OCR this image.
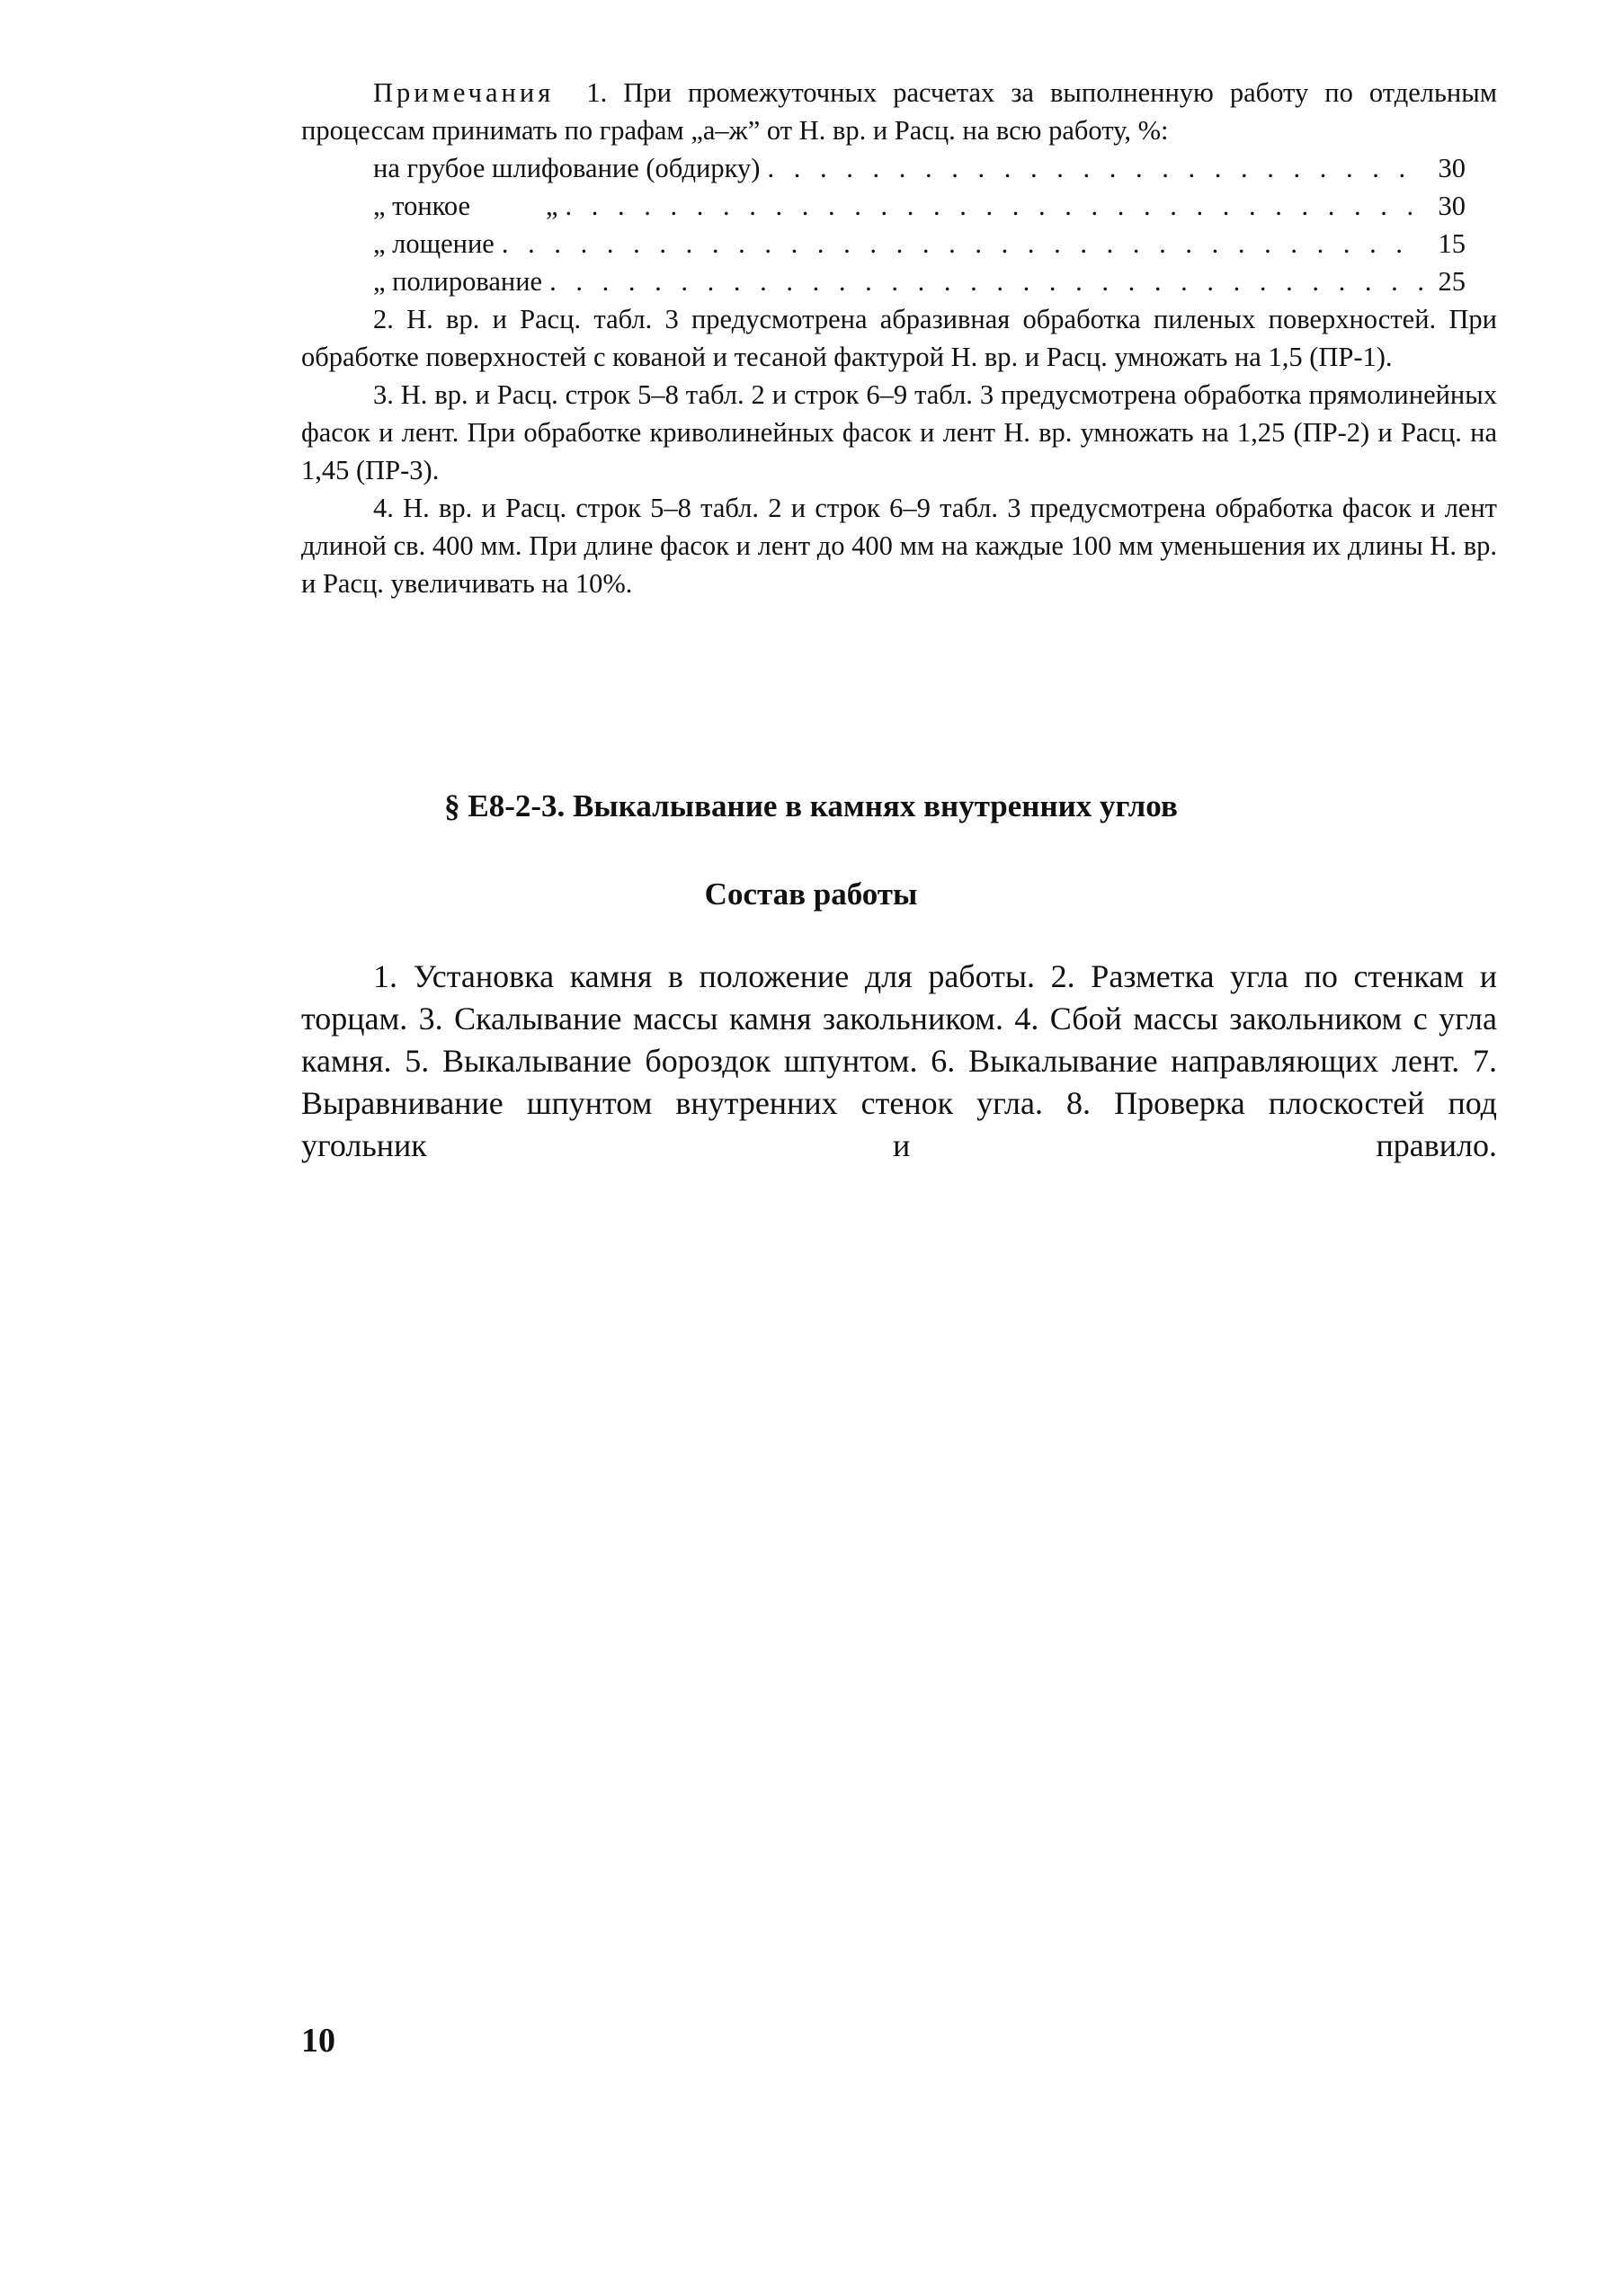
Примечания 1. При промежуточных расчетах за выполненную работу по отдельным процессам принимать по графам „а–ж” от Н. вр. и Расц. на всю работу, %:

на грубое шлифование (обдирку) . . .	30
„ тонкое           „ . . .	30
„ лощение . . .	15
„ полирование . . .	25

2. Н. вр. и Расц. табл. 3 предусмотрена абразивная обработка пиленых поверхностей. При обработке поверхностей с кованой и тесаной фактурой Н. вр. и Расц. умножать на 1,5 (ПР-1).

3. Н. вр. и Расц. строк 5–8 табл. 2 и строк 6–9 табл. 3 предусмотрена обработка прямолинейных фасок и лент. При обработке криволинейных фасок и лент Н. вр. умножать на 1,25 (ПР-2) и Расц. на 1,45 (ПР-3).

4. Н. вр. и Расц. строк 5–8 табл. 2 и строк 6–9 табл. 3 предусмотрена обработка фасок и лент длиной св. 400 мм. При длине фасок и лент до 400 мм на каждые 100 мм уменьшения их длины Н. вр. и Расц. увеличивать на 10%.

§ Е8-2-3. Выкалывание в камнях внутренних углов
Состав работы

1. Установка камня в положение для работы. 2. Разметка угла по стенкам и торцам. 3. Скалывание массы камня закольником. 4. Сбой массы закольником с угла камня. 5. Выкалывание бороздок шпунтом. 6. Выкалывание направляющих лент. 7. Выравнивание шпунтом внутренних стенок угла. 8. Проверка плоскостей под угольник и правило.

10
